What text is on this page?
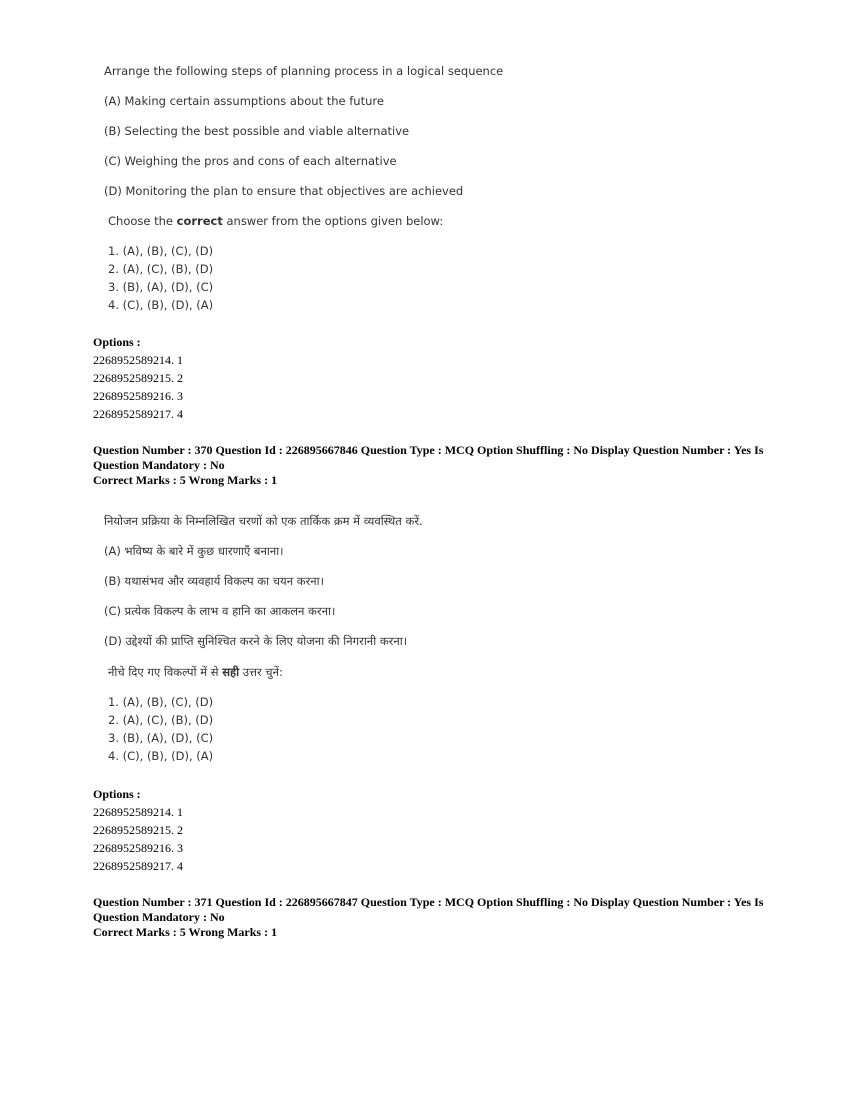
Arrange the following steps of planning process in a logical sequence

(A) Making certain assumptions about the future

(B) Selecting the best possible and viable alternative

(C) Weighing the pros and cons of each alternative

(D) Monitoring the plan to ensure that objectives are achieved

Choose the correct answer from the options given below:

1. (A), (B), (C), (D)
2. (A), (C), (B), (D)
3. (B), (A), (D), (C)
4. (C), (B), (D), (A)

Options :

2268952589214. 1

2268952589215. 2

2268952589216. 3

2268952589217. 4

Question Number : 370 Question Id : 226895667846 Question Type : MCQ Option Shuffling : No Display Question Number : Yes Is

Question Mandatory : No

Correct Marks : 5 Wrong Marks : 1

नियोजन प्रक्रिया के निम्नलिखित चरणों को एक तार्किक क्रम में व्यवस्थित करें.

(A) भविष्य के बारे में कुछ धारणाएँ बनाना।

(B) यथासंभव और व्यवहार्य विकल्प का चयन करना।

(C) प्रत्येक विकल्प के लाभ व हानि का आकलन करना।

(D) उद्देश्यों की प्राप्ति सुनिश्चित करने के लिए योजना की निगरानी करना।

नीचे दिए गए विकल्पों में से सही उत्तर चुनें:

1. (A), (B), (C), (D)
2. (A), (C), (B), (D)
3. (B), (A), (D), (C)
4. (C), (B), (D), (A)

Options :

2268952589214. 1

2268952589215. 2

2268952589216. 3

2268952589217. 4

Question Number : 371 Question Id : 226895667847 Question Type : MCQ Option Shuffling : No Display Question Number : Yes Is

Question Mandatory : No

Correct Marks : 5 Wrong Marks : 1
